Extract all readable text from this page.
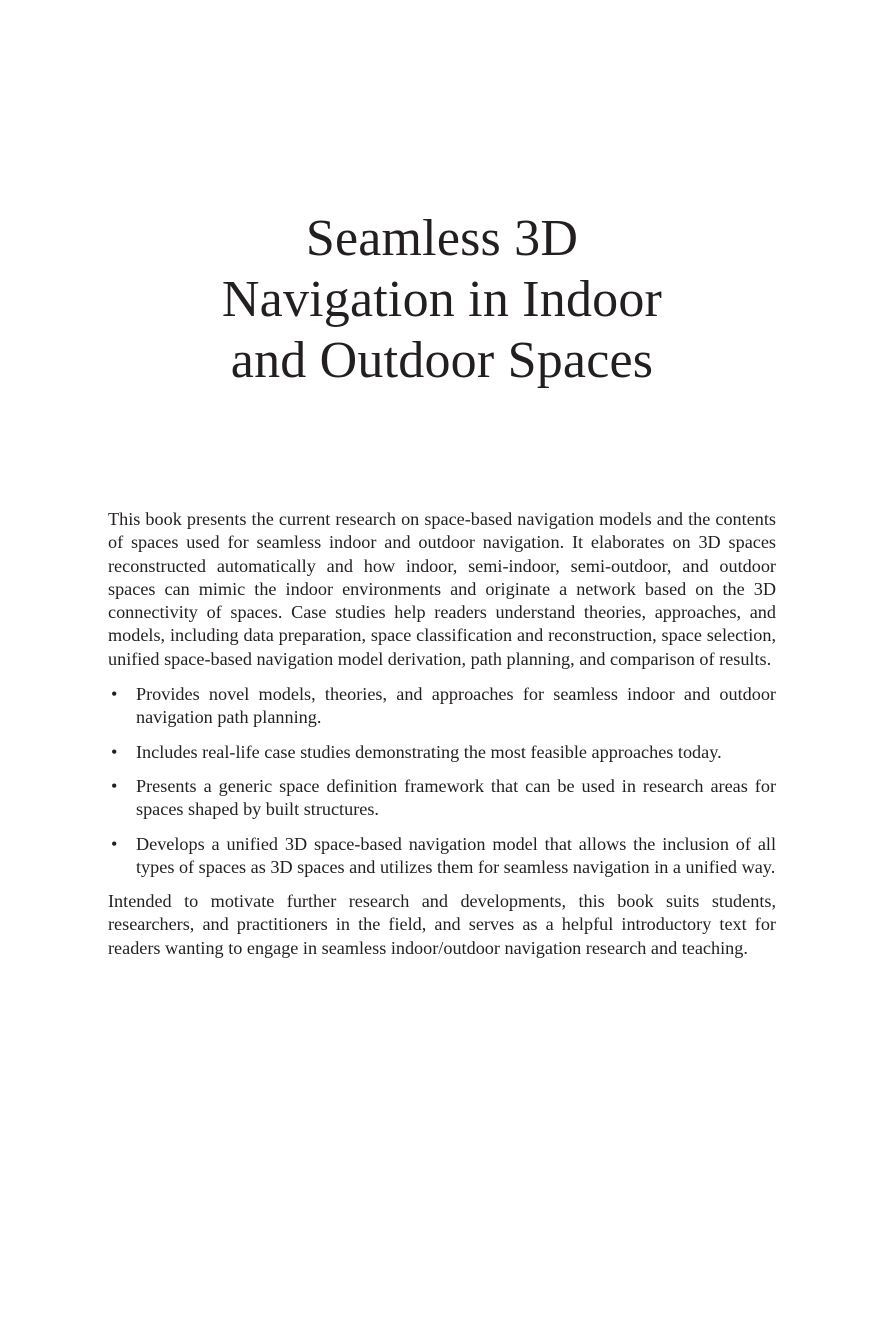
Seamless 3D
Navigation in Indoor
and Outdoor Spaces

This book presents the current research on space-based navigation models and the contents of spaces used for seamless indoor and outdoor navigation. It elaborates on 3D spaces reconstructed automatically and how indoor, semi-indoor, semi-outdoor, and outdoor spaces can mimic the indoor environments and originate a network based on the 3D connectivity of spaces. Case studies help readers understand theories, approaches, and models, including data preparation, space classification and reconstruction, space selection, unified space-based navigation model derivation, path planning, and comparison of results.

• Provides novel models, theories, and approaches for seamless indoor and outdoor navigation path planning.
• Includes real-life case studies demonstrating the most feasible approaches today.
• Presents a generic space definition framework that can be used in research areas for spaces shaped by built structures.
• Develops a unified 3D space-based navigation model that allows the inclusion of all types of spaces as 3D spaces and utilizes them for seamless navigation in a unified way.

Intended to motivate further research and developments, this book suits students, researchers, and practitioners in the field, and serves as a helpful introductory text for readers wanting to engage in seamless indoor/outdoor navigation research and teaching.
